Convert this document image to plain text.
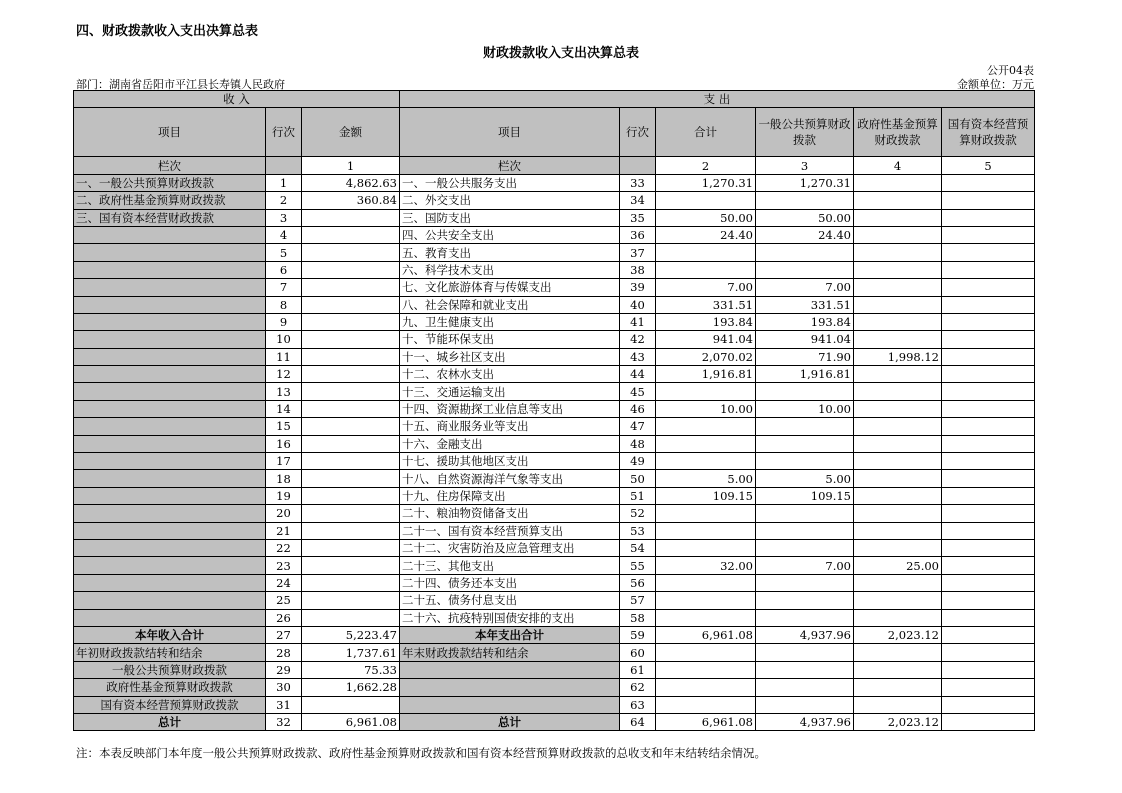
四、财政拨款收入支出决算总表
财政拨款收入支出决算总表
公开04表
部门：湖南省岳阳市平江县长寿镇人民政府	金额单位：万元
收 入			支 出					
项目	行次	金额	项目	行次	合计	一般公共预算财政拨款	政府性基金预算财政拨款	国有资本经营预算财政拨款
栏次		1	栏次		2	3	4	5
一、一般公共预算财政拨款	1	4,862.63	一、一般公共服务支出	33	1,270.31	1,270.31		
二、政府性基金预算财政拨款	2	360.84	二、外交支出	34				
三、国有资本经营财政拨款	3		三、国防支出	35	50.00	50.00		
	4		四、公共安全支出	36	24.40	24.40		
	5		五、教育支出	37				
	6		六、科学技术支出	38				
	7		七、文化旅游体育与传媒支出	39	7.00	7.00		
	8		八、社会保障和就业支出	40	331.51	331.51		
	9		九、卫生健康支出	41	193.84	193.84		
	10		十、节能环保支出	42	941.04	941.04		
	11		十一、城乡社区支出	43	2,070.02	71.90	1,998.12	
	12		十二、农林水支出	44	1,916.81	1,916.81		
	13		十三、交通运输支出	45				
	14		十四、资源勘探工业信息等支出	46	10.00	10.00		
	15		十五、商业服务业等支出	47				
	16		十六、金融支出	48				
	17		十七、援助其他地区支出	49				
	18		十八、自然资源海洋气象等支出	50	5.00	5.00		
	19		十九、住房保障支出	51	109.15	109.15		
	20		二十、粮油物资储备支出	52				
	21		二十一、国有资本经营预算支出	53				
	22		二十二、灾害防治及应急管理支出	54				
	23		二十三、其他支出	55	32.00	7.00	25.00	
	24		二十四、债务还本支出	56				
	25		二十五、债务付息支出	57				
	26		二十六、抗疫特别国债安排的支出	58				
本年收入合计	27	5,223.47	本年支出合计	59	6,961.08	4,937.96	2,023.12	
年初财政拨款结转和结余	28	1,737.61	年末财政拨款结转和结余	60				
一般公共预算财政拨款	29	75.33		61				
政府性基金预算财政拨款	30	1,662.28		62				
国有资本经营预算财政拨款	31			63				
总计	32	6,961.08	总计	64	6,961.08	4,937.96	2,023.12	
注：本表反映部门本年度一般公共预算财政拨款、政府性基金预算财政拨款和国有资本经营预算财政拨款的总收支和年末结转结余情况。
